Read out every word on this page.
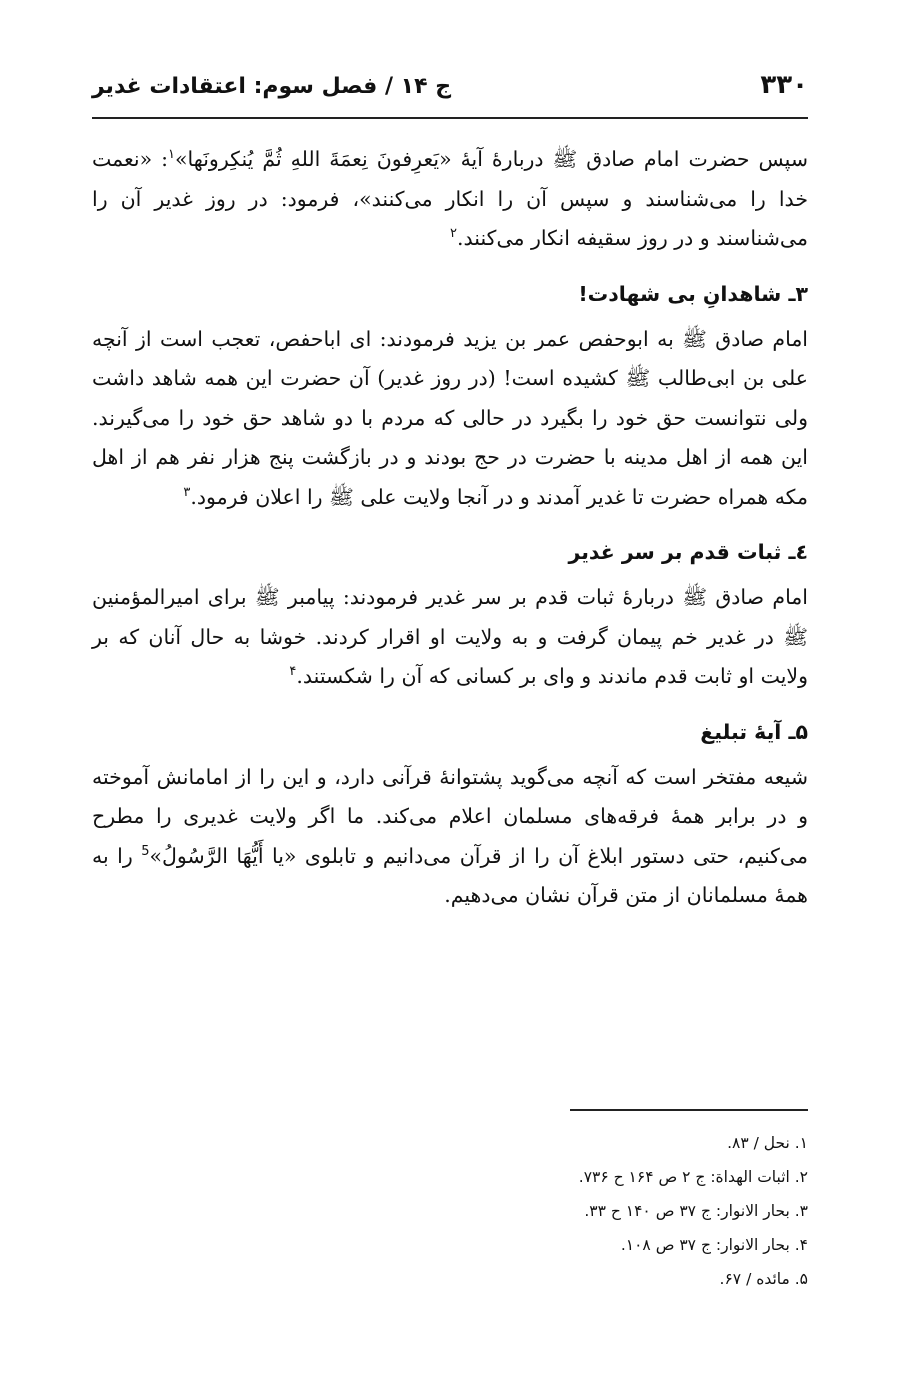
۳۳۰
ج ۱۴ / فصل سوم: اعتقادات غدیر

سپس حضرت امام صادق ﷺ دربارهٔ آیهٔ «یَعرِفونَ نِعمَةَ اللهِ ثُمَّ یُنکِرونَها»$^۱$: «نعمت خدا را می‌شناسند و سپس آن را انکار می‌کنند»، فرمود: در روز غدیر آن را می‌شناسند و در روز سقیفه انکار می‌کنند.$^۲$

۳ـ شاهدانِ بی شهادت!

امام صادق ﷺ به ابوحفص عمر بن یزید فرمودند: ای اباحفص، تعجب است از آنچه علی بن ابی‌طالب ﷺ کشیده است! (در روز غدیر) آن حضرت این همه شاهد داشت ولی نتوانست حق خود را بگیرد در حالی که مردم با دو شاهد حق خود را می‌گیرند. این همه از اهل مدینه با حضرت در حج بودند و در بازگشت پنج هزار نفر هم از اهل مکه همراه حضرت تا غدیر آمدند و در آنجا ولایت علی ﷺ را اعلان فرمود.$^۳$

٤ـ ثبات قدم بر سر غدیر

امام صادق ﷺ دربارهٔ ثبات قدم بر سر غدیر فرمودند: پیامبر ﷺ برای امیرالمؤمنین ﷺ در غدیر خم پیمان گرفت و به ولایت او اقرار کردند. خوشا به حال آنان که بر ولایت او ثابت قدم ماندند و وای بر کسانی که آن را شکستند.$^۴$

۵ـ آیهٔ تبلیغ

شیعه مفتخر است که آنچه می‌گوید پشتوانهٔ قرآنی دارد، و این را از امامانش آموخته و در برابر همهٔ فرقه‌های مسلمان اعلام می‌کند. ما اگر ولایت غدیری را مطرح می‌کنیم، حتی دستور ابلاغ آن را از قرآن می‌دانیم و تابلوی «یا أَیُّهَا الرَّسُولُ»$^5$ را به همهٔ مسلمانان از متن قرآن نشان می‌دهیم.

۱. نحل / ۸۳.
۲. اثبات الهداة: ج ۲ ص ۱۶۴ ح ۷۳۶.
۳. بحار الانوار: ج ۳۷ ص ۱۴۰ ح ۳۳.
۴. بحار الانوار: ج ۳۷ ص ۱۰۸.
۵. مائده / ۶۷.
